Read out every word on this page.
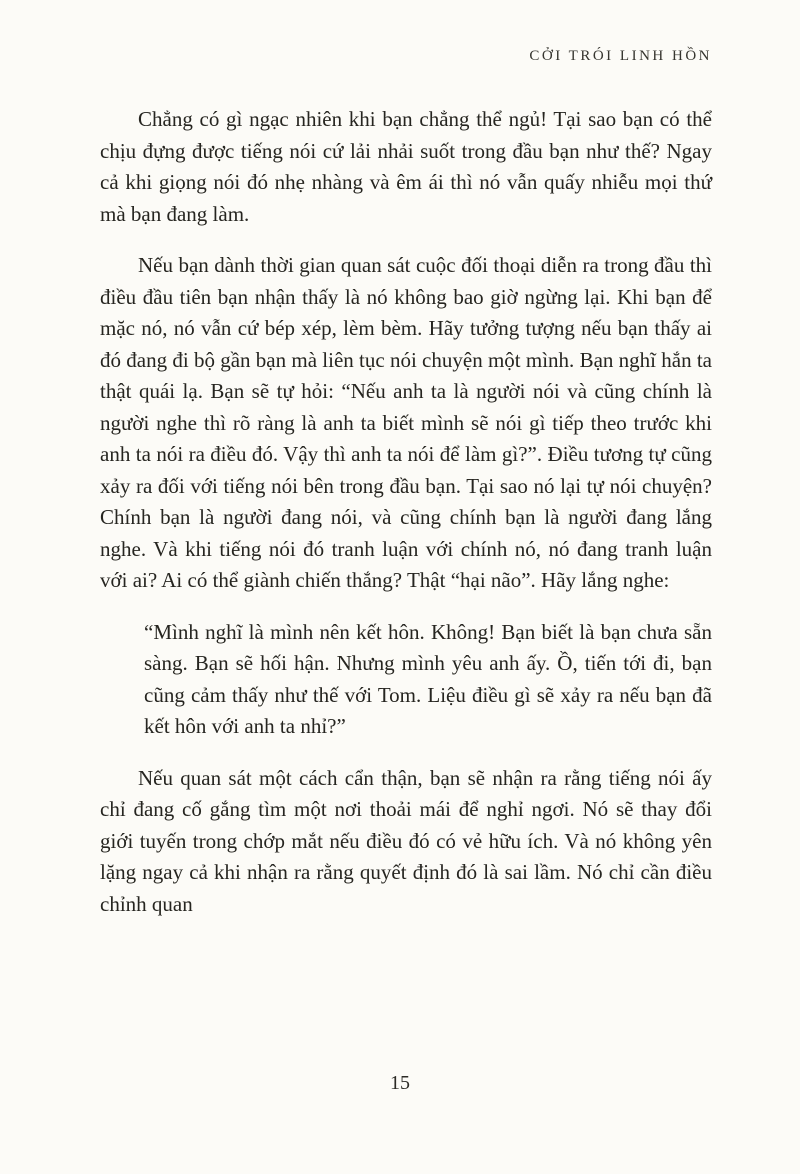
CỞI TRÓI LINH HỒN

Chẳng có gì ngạc nhiên khi bạn chẳng thể ngủ! Tại sao bạn có thể chịu đựng được tiếng nói cứ lải nhải suốt trong đầu bạn như thế? Ngay cả khi giọng nói đó nhẹ nhàng và êm ái thì nó vẫn quấy nhiễu mọi thứ mà bạn đang làm.

Nếu bạn dành thời gian quan sát cuộc đối thoại diễn ra trong đầu thì điều đầu tiên bạn nhận thấy là nó không bao giờ ngừng lại. Khi bạn để mặc nó, nó vẫn cứ bép xép, lèm bèm. Hãy tưởng tượng nếu bạn thấy ai đó đang đi bộ gần bạn mà liên tục nói chuyện một mình. Bạn nghĩ hắn ta thật quái lạ. Bạn sẽ tự hỏi: “Nếu anh ta là người nói và cũng chính là người nghe thì rõ ràng là anh ta biết mình sẽ nói gì tiếp theo trước khi anh ta nói ra điều đó. Vậy thì anh ta nói để làm gì?”. Điều tương tự cũng xảy ra đối với tiếng nói bên trong đầu bạn. Tại sao nó lại tự nói chuyện? Chính bạn là người đang nói, và cũng chính bạn là người đang lắng nghe. Và khi tiếng nói đó tranh luận với chính nó, nó đang tranh luận với ai? Ai có thể giành chiến thắng? Thật “hại não”. Hãy lắng nghe:

“Mình nghĩ là mình nên kết hôn. Không! Bạn biết là bạn chưa sẵn sàng. Bạn sẽ hối hận. Nhưng mình yêu anh ấy. Ồ, tiến tới đi, bạn cũng cảm thấy như thế với Tom. Liệu điều gì sẽ xảy ra nếu bạn đã kết hôn với anh ta nhỉ?”

Nếu quan sát một cách cẩn thận, bạn sẽ nhận ra rằng tiếng nói ấy chỉ đang cố gắng tìm một nơi thoải mái để nghỉ ngơi. Nó sẽ thay đổi giới tuyến trong chớp mắt nếu điều đó có vẻ hữu ích. Và nó không yên lặng ngay cả khi nhận ra rằng quyết định đó là sai lầm. Nó chỉ cần điều chỉnh quan

15
